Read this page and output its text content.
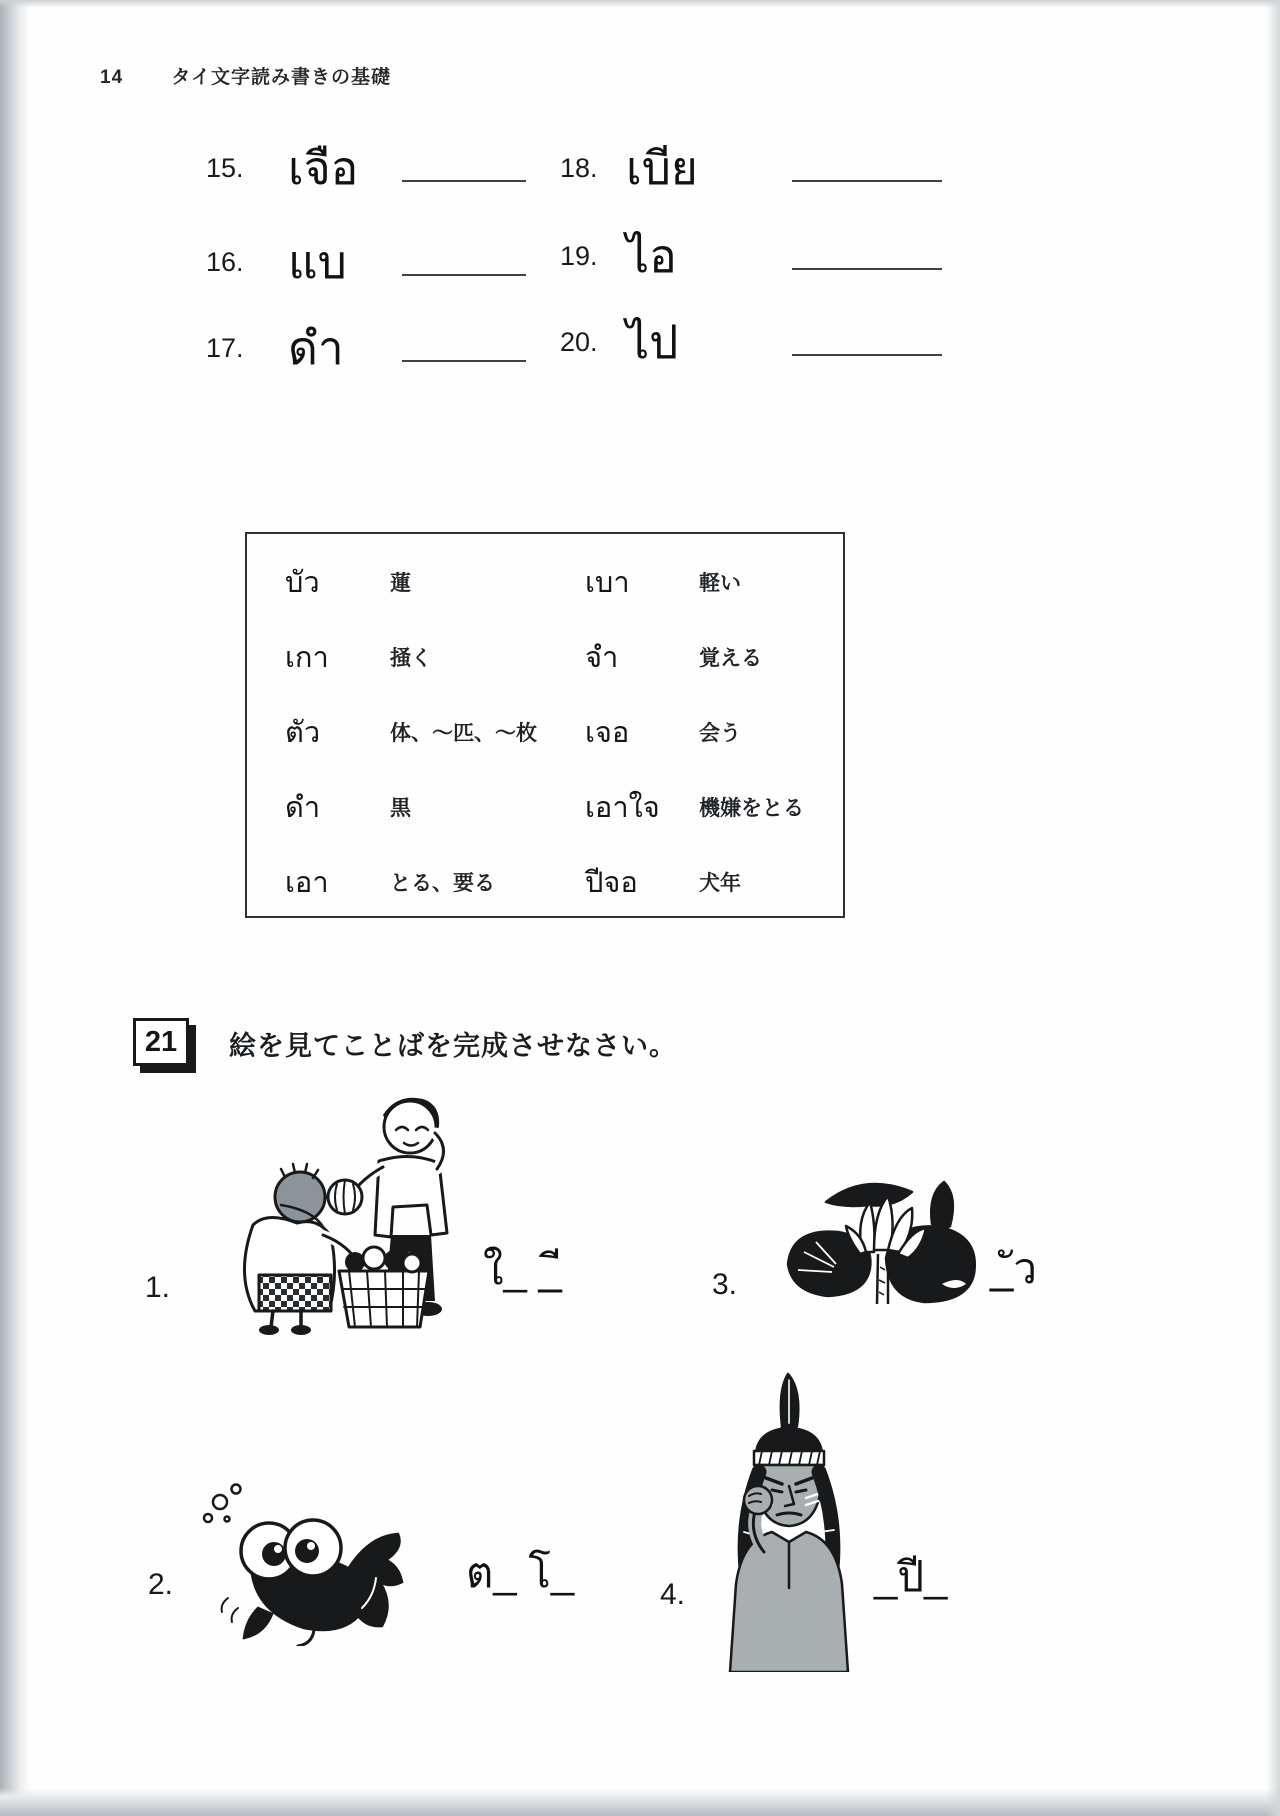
14	タイ文字読み書きの基礎
15. เจือ
16. แบ
17. ดำ
18. เบีย
19. ไอ
20. ไป
บัว	蓮	เบา	軽い
เกา	掻く	จำ	覚える
ตัว	体、〜匹、〜枚 เจอ	会う
ดำ	黒	เอาใจ 機嫌をとる
เอา	とる、要る	ปีจอ	犬年
21	絵を見てことばを完成させなさい。
1.	ใ_ _ี	3.	_ัว
2.	ต_ โ_	4.	_ปี_
